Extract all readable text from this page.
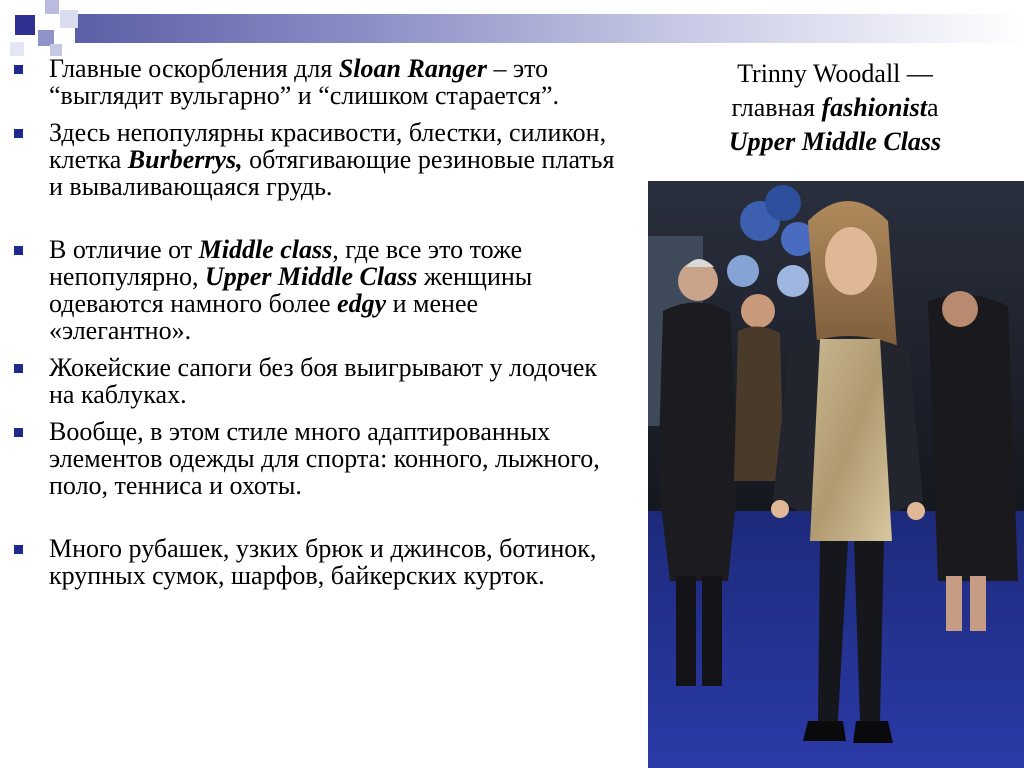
Главные оскорбления для Sloan Ranger – это “выглядит вульгарно” и “слишком старается”.
Здесь непопулярны красивости, блестки, силикон, клетка Burberrys, обтягивающие резиновые платья и вываливающаяся грудь.
В отличие от Middle class, где все это тоже непопулярно, Upper Middle Class женщины одеваются намного более edgy и менее «элегантно».
Жокейские сапоги без боя выигрывают у лодочек на каблуках.
Вообще, в этом стиле много адаптированных элементов одежды для спорта: конного, лыжного, поло, тенниса и охоты.
Много рубашек, узких брюк и джинсов, ботинок, крупных сумок, шарфов, байкерских курток.
Trinny Woodall —
главная fashionistа
Upper Middle Class
